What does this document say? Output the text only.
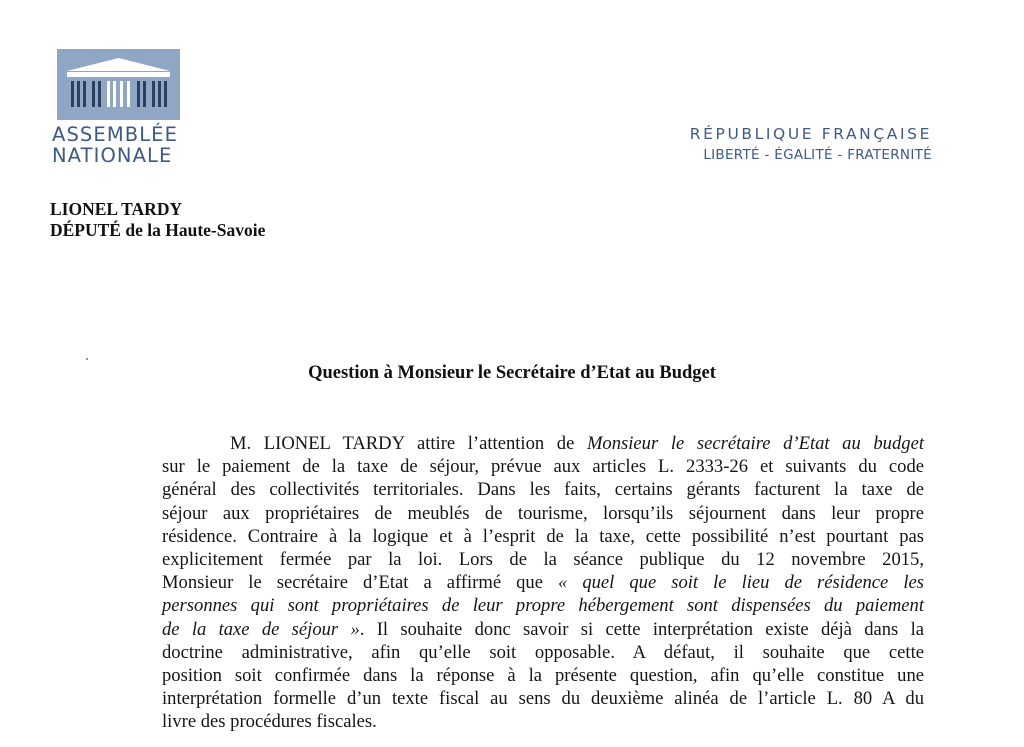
ASSEMBLÉE
NATIONALE
RÉPUBLIQUE FRANÇAISE
LIBERTÉ - ÉGALITÉ - FRATERNITÉ
LIONEL TARDY
DÉPUTÉ de la Haute-Savoie
Question à Monsieur le Secrétaire d’Etat au Budget
M. LIONEL TARDY attire l’attention de Monsieur le secrétaire d’Etat au budget
sur le paiement de la taxe de séjour, prévue aux articles L. 2333-26 et suivants du code
général des collectivités territoriales. Dans les faits, certains gérants facturent la taxe de
séjour aux propriétaires de meublés de tourisme, lorsqu’ils séjournent dans leur propre
résidence. Contraire à la logique et à l’esprit de la taxe, cette possibilité n’est pourtant pas
explicitement fermée par la loi. Lors de la séance publique du 12 novembre 2015,
Monsieur le secrétaire d’Etat a affirmé que « quel que soit le lieu de résidence les
personnes qui sont propriétaires de leur propre hébergement sont dispensées du paiement
de la taxe de séjour ». Il souhaite donc savoir si cette interprétation existe déjà dans la
doctrine administrative, afin qu’elle soit opposable. A défaut, il souhaite que cette
position soit confirmée dans la réponse à la présente question, afin qu’elle constitue une
interprétation formelle d’un texte fiscal au sens du deuxième alinéa de l’article L. 80 A du
livre des procédures fiscales.
